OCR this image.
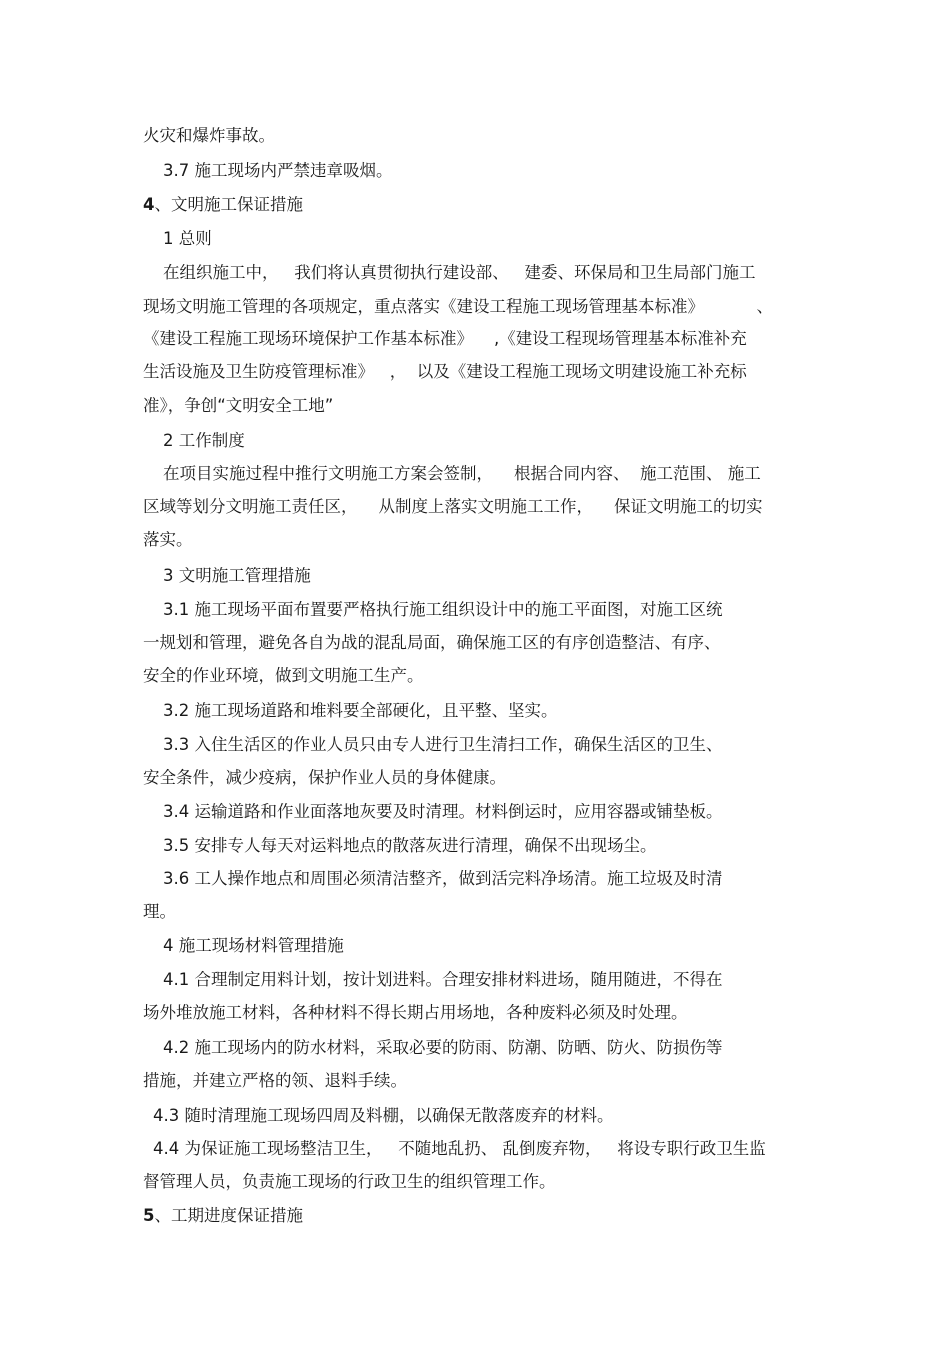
火灾和爆炸事故。

3.7 施工现场内严禁违章吸烟。

4、文明施工保证措施

1 总则

在组织施工中，   我们将认真贯彻执行建设部、   建委、环保局和卫生局部门施工

现场文明施工管理的各项规定，重点落实《建设工程施工现场管理基本标准》          、

《建设工程施工现场环境保护工作基本标准》    ,《建设工程现场管理基本标准补充

生活设施及卫生防疫管理标准》   ，  以及《建设工程施工现场文明建设施工补充标

准》，争创“文明安全工地”

2 工作制度

在项目实施过程中推行文明施工方案会签制，    根据合同内容、  施工范围、 施工

区域等划分文明施工责任区，    从制度上落实文明施工工作，    保证文明施工的切实

落实。

3 文明施工管理措施

3.1 施工现场平面布置要严格执行施工组织设计中的施工平面图，对施工区统

一规划和管理，避免各自为战的混乱局面，确保施工区的有序创造整洁、有序、

安全的作业环境，做到文明施工生产。

3.2 施工现场道路和堆料要全部硬化，且平整、坚实。

3.3 入住生活区的作业人员只由专人进行卫生清扫工作，确保生活区的卫生、

安全条件，减少疫病，保护作业人员的身体健康。

3.4 运输道路和作业面落地灰要及时清理。材料倒运时，应用容器或铺垫板。

3.5 安排专人每天对运料地点的散落灰进行清理，确保不出现场尘。

3.6 工人操作地点和周围必须清洁整齐，做到活完料净场清。施工垃圾及时清

理。

4 施工现场材料管理措施

4.1 合理制定用料计划，按计划进料。合理安排材料进场，随用随进，不得在

场外堆放施工材料，各种材料不得长期占用场地，各种废料必须及时处理。

4.2 施工现场内的防水材料，采取必要的防雨、防潮、防晒、防火、防损伤等

措施，并建立严格的领、退料手续。

4.3 随时清理施工现场四周及料棚，以确保无散落废弃的材料。

4.4 为保证施工现场整洁卫生，   不随地乱扔、 乱倒废弃物，   将设专职行政卫生监

督管理人员，负责施工现场的行政卫生的组织管理工作。

5、工期进度保证措施
